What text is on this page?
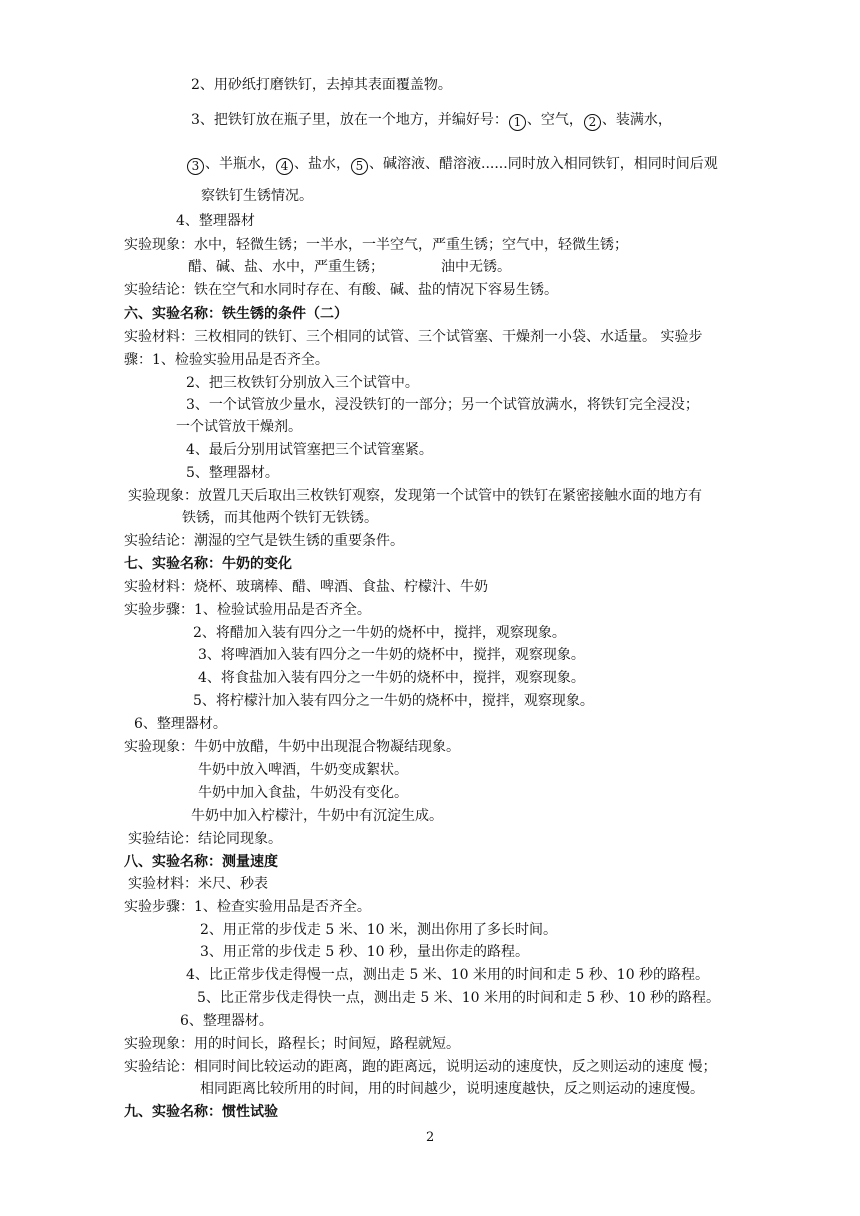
2、用砂纸打磨铁钉，去掉其表面覆盖物。
3、把铁钉放在瓶子里，放在一个地方，并编好号： 1 、空气， 2 、装满水，
3 、半瓶水， 4 、盐水， 5 、碱溶液、醋溶液......同时放入相同铁钉，相同时间后观
察铁钉生锈情况。
4、整理器材
实验现象：水中，轻微生锈；一半水，一半空气，严重生锈；空气中，轻微生锈；
醋、碱、盐、水中，严重生锈；	油中无锈。
实验结论：铁在空气和水同时存在、有酸、碱、盐的情况下容易生锈。
六、实验名称：铁生锈的条件（二）
实验材料：三枚相同的铁钉、三个相同的试管、三个试管塞、干燥剂一小袋、水适量。 实验步
骤：1、检验实验用品是否齐全。
2、把三枚铁钉分别放入三个试管中。
3、一个试管放少量水，浸没铁钉的一部分；另一个试管放满水，将铁钉完全浸没；
一个试管放干燥剂。
4、最后分别用试管塞把三个试管塞紧。
5、整理器材。
实验现象：放置几天后取出三枚铁钉观察，发现第一个试管中的铁钉在紧密接触水面的地方有
铁锈，而其他两个铁钉无铁锈。
实验结论：潮湿的空气是铁生锈的重要条件。
七、实验名称：牛奶的变化
实验材料：烧杯、玻璃棒、醋、啤酒、食盐、柠檬汁、牛奶
实验步骤：1、检验试验用品是否齐全。
2、将醋加入装有四分之一牛奶的烧杯中，搅拌，观察现象。
3、将啤酒加入装有四分之一牛奶的烧杯中，搅拌，观察现象。
4、将食盐加入装有四分之一牛奶的烧杯中，搅拌，观察现象。
5、将柠檬汁加入装有四分之一牛奶的烧杯中，搅拌，观察现象。
6、整理器材。
实验现象：牛奶中放醋，牛奶中出现混合物凝结现象。
牛奶中放入啤酒，牛奶变成絮状。
牛奶中加入食盐，牛奶没有变化。
牛奶中加入柠檬汁，牛奶中有沉淀生成。
实验结论：结论同现象。
八、实验名称：测量速度
实验材料：米尺、秒表
实验步骤：1、检查实验用品是否齐全。
2、用正常的步伐走 5 米、10 米，测出你用了多长时间。
3、用正常的步伐走 5 秒、10 秒，量出你走的路程。
4、比正常步伐走得慢一点，测出走 5 米、10 米用的时间和走 5 秒、10 秒的路程。
5、比正常步伐走得快一点，测出走 5 米、10 米用的时间和走 5 秒、10 秒的路程。
6、整理器材。
实验现象：用的时间长，路程长；时间短，路程就短。
实验结论：相同时间比较运动的距离，跑的距离远，说明运动的速度快，反之则运动的速度 慢；
相同距离比较所用的时间，用的时间越少，说明速度越快，反之则运动的速度慢。
九、实验名称：惯性试验
2
